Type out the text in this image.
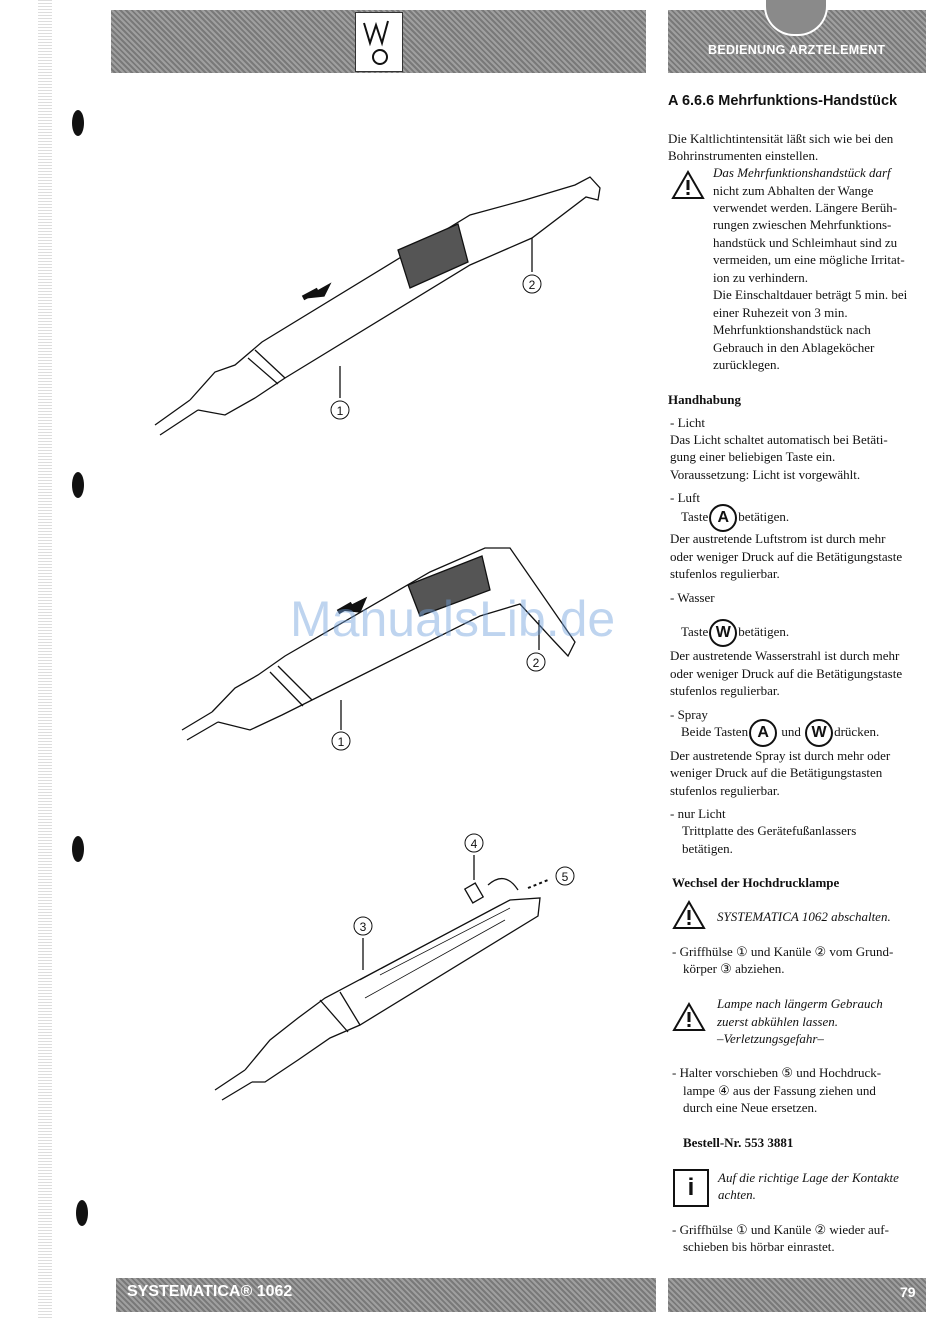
BEDIENUNG ARZTELEMENT
SYSTEMATICA® 1062	79
2
1
2
1
3
4
5
ManualsLib.de
A 6.6.6 Mehrfunktions-Handstück
Die Kaltlichtintensität läßt sich wie bei den
Bohrinstrumenten einstellen.
Das Mehrfunktionshandstück darf
nicht zum Abhalten der Wange
verwendet werden. Längere Berüh-
rungen zwieschen Mehrfunktions-
handstück und Schleimhaut sind zu
vermeiden, um eine mögliche Irritat-
ion zu verhindern.
Die Einschaltdauer beträgt 5 min. bei
einer Ruhezeit von 3 min.
Mehrfunktionshandstück nach
Gebrauch in den Ablageköcher
zurücklegen.
Handhabung
- Licht
Das Licht schaltet automatisch bei Betäti-
gung einer beliebigen Taste ein.
Voraussetzung: Licht ist vorgewählt.
- Luft
Taste A betätigen.
Der austretende Luftstrom ist durch mehr
oder weniger Druck auf die Betätigungstaste
stufenlos regulierbar.
- Wasser
Taste W betätigen.
Der austretende Wasserstrahl ist durch mehr
oder weniger Druck auf die Betätigungstaste
stufenlos regulierbar.
- Spray
Beide Tasten A und W drücken.
Der austretende Spray ist durch mehr oder
weniger Druck auf die Betätigungstasten
stufenlos regulierbar.
- nur Licht
Trittplatte des Gerätefußanlassers
betätigen.
Wechsel der Hochdrucklampe
SYSTEMATICA 1062 abschalten.
- Griffhülse ① und Kanüle ② vom Grund-
körper ③ abziehen.
Lampe nach längerm Gebrauch
zuerst abkühlen lassen.
–Verletzungsgefahr–
- Halter vorschieben ⑤ und Hochdruck-
lampe ④ aus der Fassung ziehen und
durch eine Neue ersetzen.
Bestell-Nr. 553 3881
i	Auf die richtige Lage der Kontakte
achten.
- Griffhülse ① und Kanüle ② wieder auf-
schieben bis hörbar einrastet.
